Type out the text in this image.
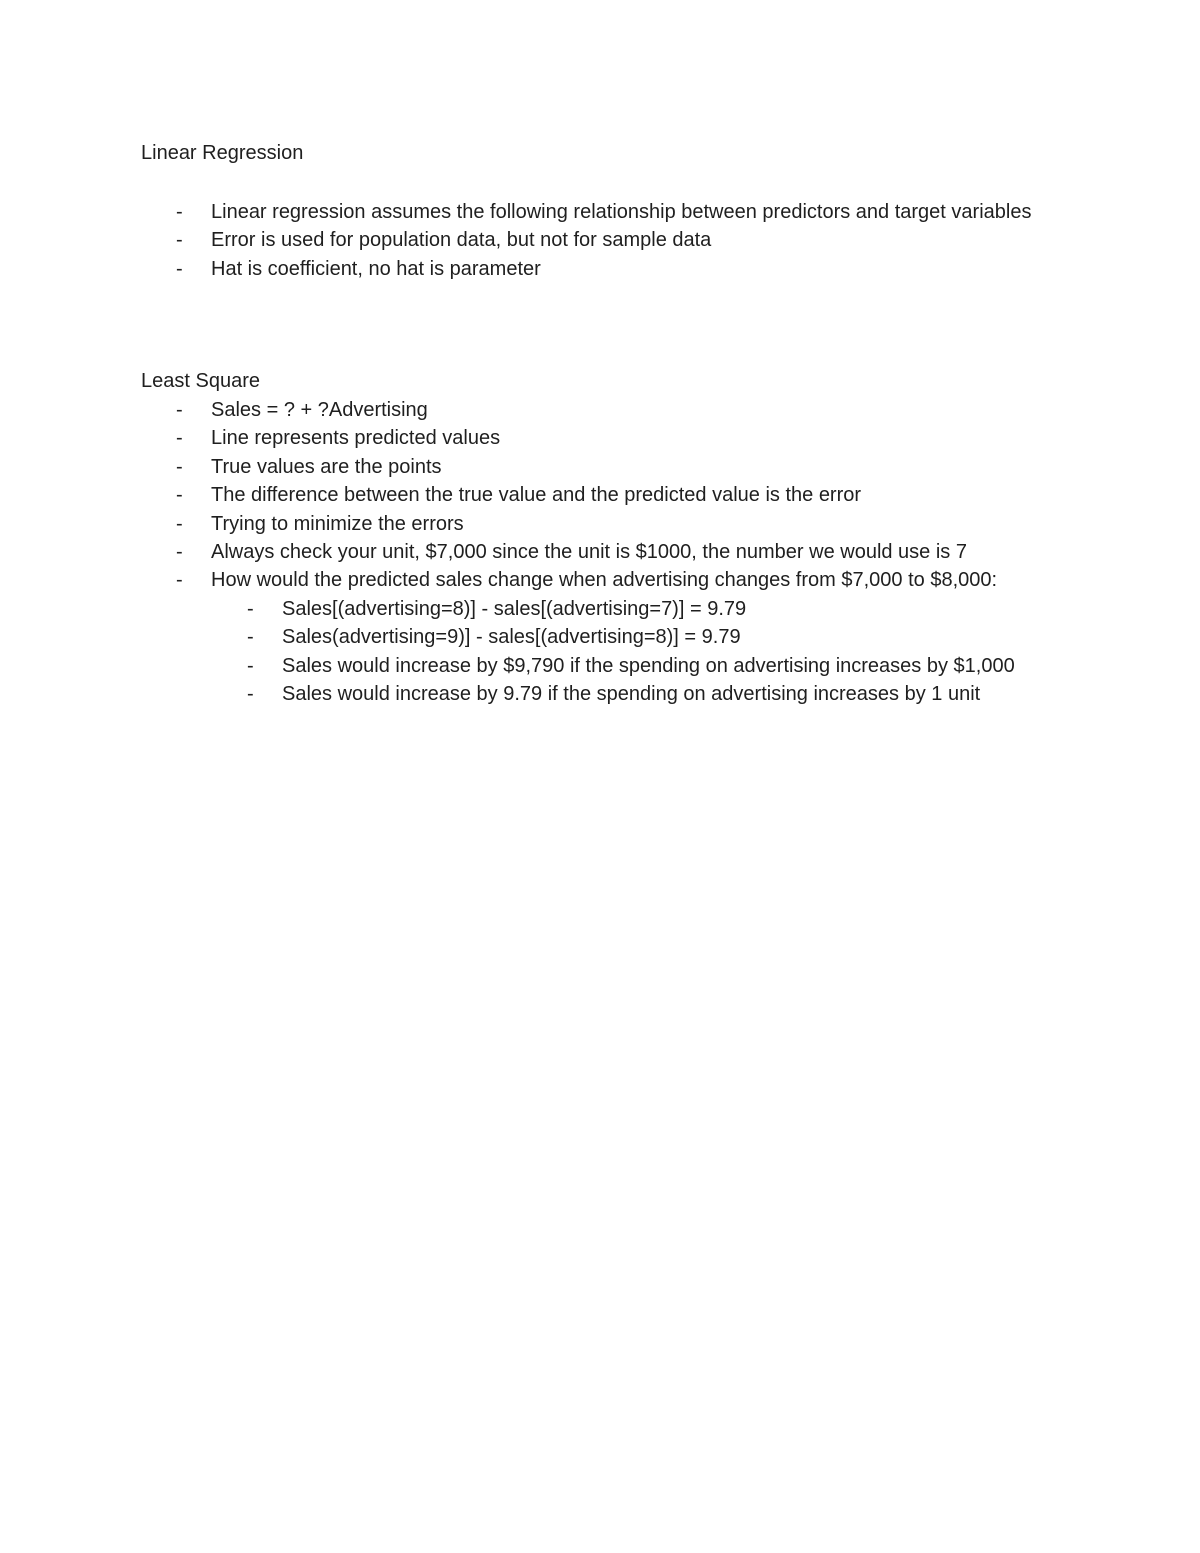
Linear Regression
- Linear regression assumes the following relationship between predictors and target variables
- Error is used for population data, but not for sample data
- Hat is coefficient, no hat is parameter
Least Square
- Sales = ? + ?Advertising
- Line represents predicted values
- True values are the points
- The difference between the true value and the predicted value is the error
- Trying to minimize the errors
- Always check your unit, $7,000 since the unit is $1000, the number we would use is 7
- How would the predicted sales change when advertising changes from $7,000 to $8,000:
- Sales[(advertising=8)] - sales[(advertising=7)] = 9.79
- Sales(advertising=9)] - sales[(advertising=8)] = 9.79
- Sales would increase by $9,790 if the spending on advertising increases by $1,000
- Sales would increase by 9.79 if the spending on advertising increases by 1 unit
